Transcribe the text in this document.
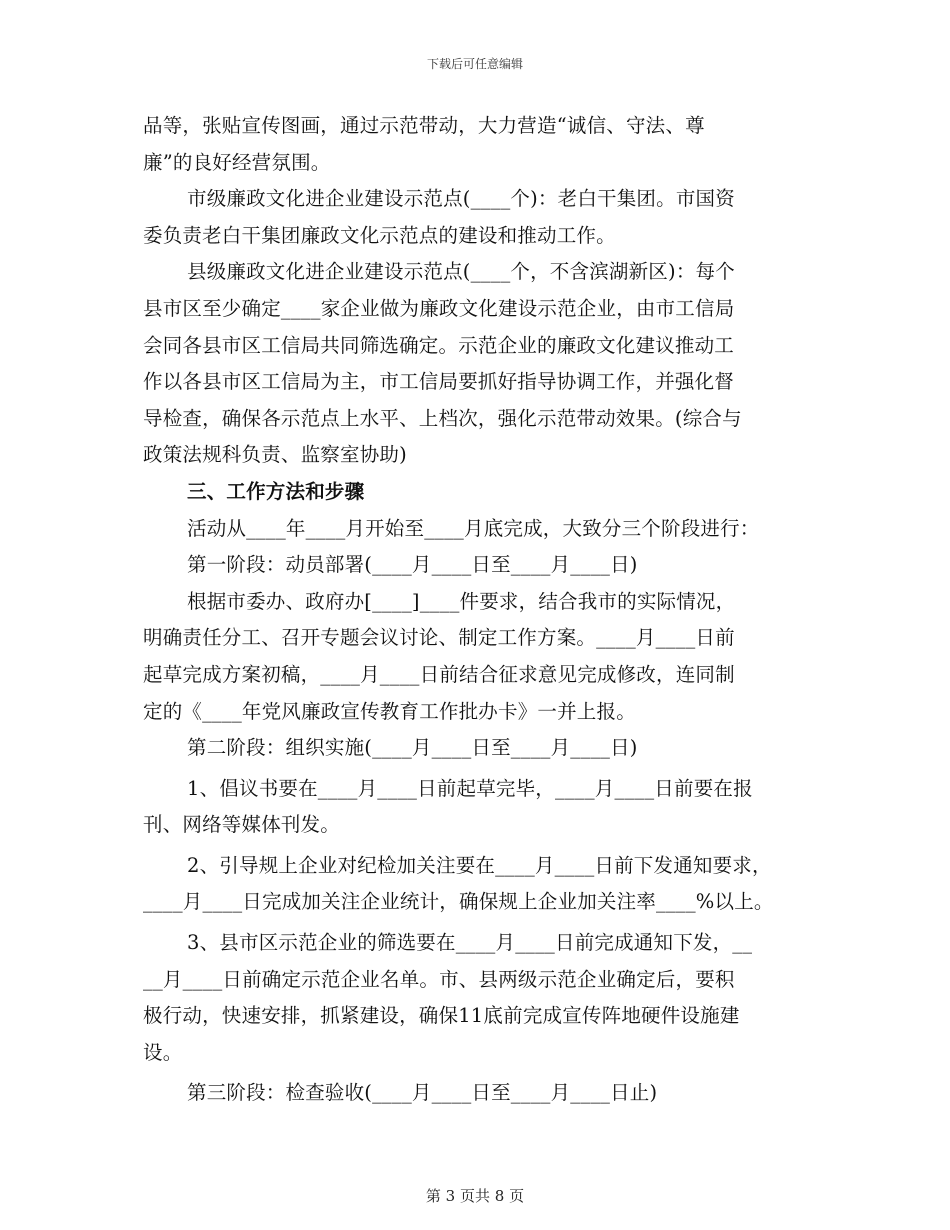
下载后可任意编辑
品等，张贴宣传图画，通过示范带动，大力营造“诚信、守法、尊
廉”的良好经营氛围。
市级廉政文化进企业建设示范点(____个)：老白干集团。市国资
委负责老白干集团廉政文化示范点的建设和推动工作。
县级廉政文化进企业建设示范点(____个，不含滨湖新区)：每个
县市区至少确定____家企业做为廉政文化建设示范企业，由市工信局
会同各县市区工信局共同筛选确定。示范企业的廉政文化建议推动工
作以各县市区工信局为主，市工信局要抓好指导协调工作，并强化督
导检查，确保各示范点上水平、上档次，强化示范带动效果。(综合与
政策法规科负责、监察室协助)
三、工作方法和步骤
活动从____年____月开始至____月底完成，大致分三个阶段进行：
第一阶段：动员部署(____月____日至____月____日)
根据市委办、政府办[____]____件要求，结合我市的实际情况，
明确责任分工、召开专题会议讨论、制定工作方案。____月____日前
起草完成方案初稿，____月____日前结合征求意见完成修改，连同制
定的《____年党风廉政宣传教育工作批办卡》一并上报。
第二阶段：组织实施(____月____日至____月____日)
1、倡议书要在____月____日前起草完毕，____月____日前要在报
刊、网络等媒体刊发。
2、引导规上企业对纪检加关注要在____月____日前下发通知要求，
____月____日完成加关注企业统计，确保规上企业加关注率____%以上。
3、县市区示范企业的筛选要在____月____日前完成通知下发，__
__月____日前确定示范企业名单。市、县两级示范企业确定后，要积
极行动，快速安排，抓紧建设，确保11底前完成宣传阵地硬件设施建
设。
第三阶段：检查验收(____月____日至____月____日止)
第 3 页共 8 页
